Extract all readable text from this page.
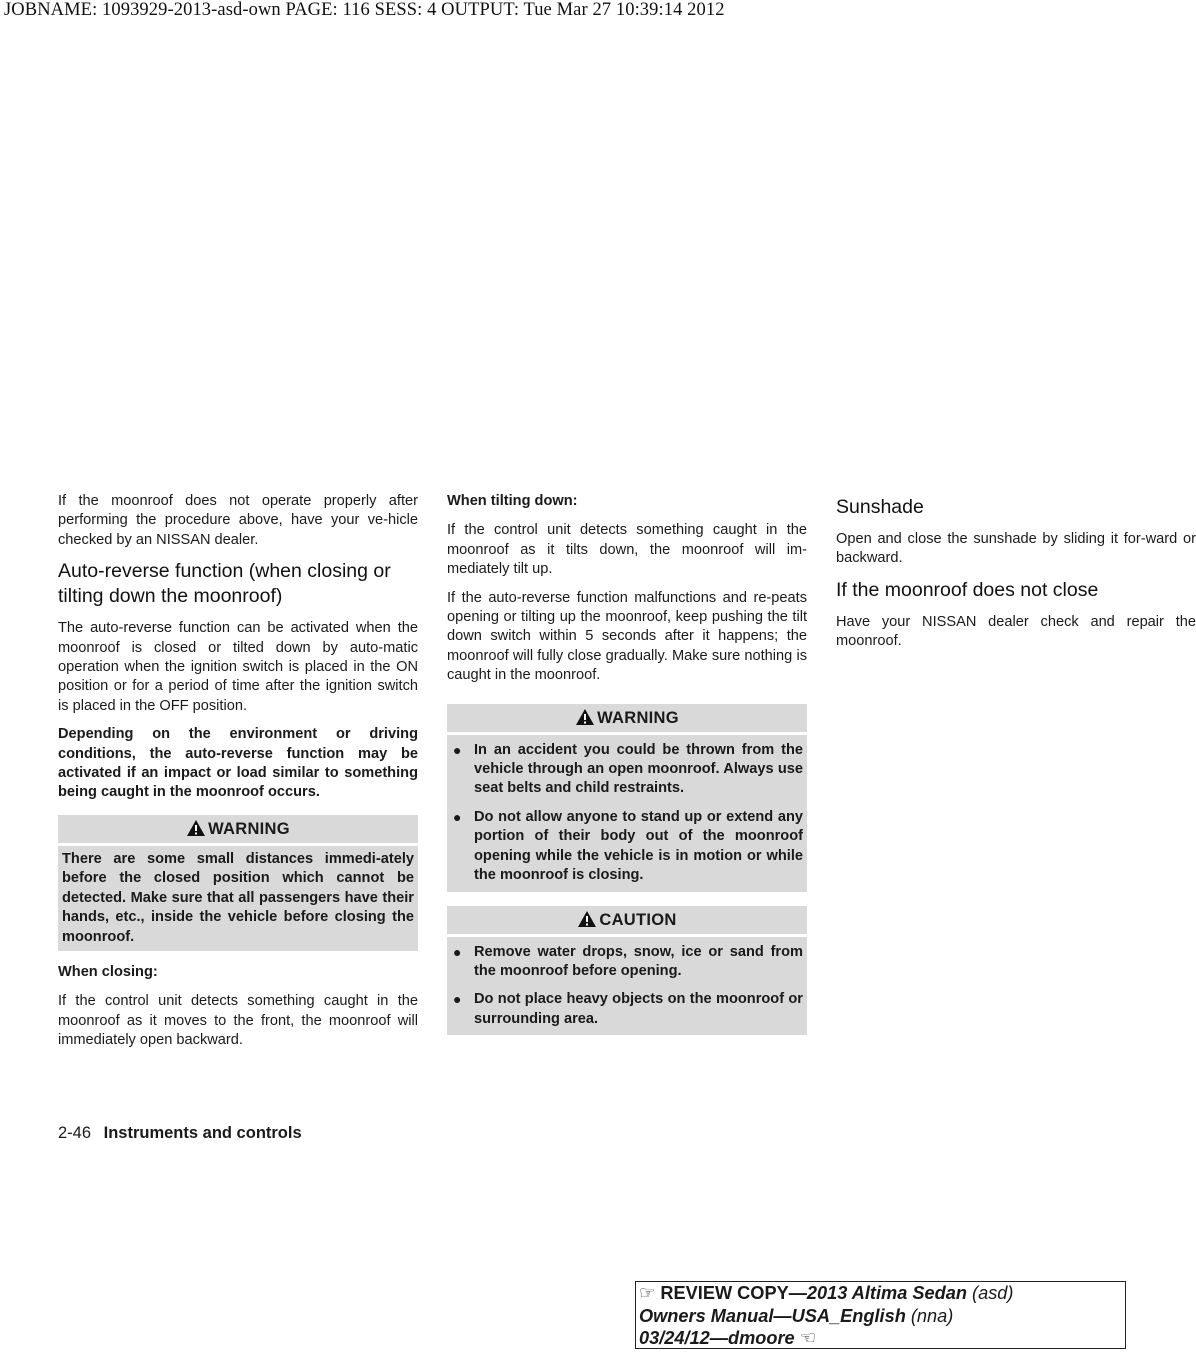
JOBNAME: 1093929-2013-asd-own PAGE: 116 SESS: 4 OUTPUT: Tue Mar 27 10:39:14 2012

If the moonroof does not operate properly after performing the procedure above, have your ve-hicle checked by an NISSAN dealer.

Auto-reverse function (when closing or tilting down the moonroof)

The auto-reverse function can be activated when the moonroof is closed or tilted down by auto-matic operation when the ignition switch is placed in the ON position or for a period of time after the ignition switch is placed in the OFF position.

Depending on the environment or driving conditions, the auto-reverse function may be activated if an impact or load similar to something being caught in the moonroof occurs.

WARNING
There are some small distances immedi-ately before the closed position which cannot be detected. Make sure that all passengers have their hands, etc., inside the vehicle before closing the moonroof.

When closing:

If the control unit detects something caught in the moonroof as it moves to the front, the moonroof will immediately open backward.

When tilting down:

If the control unit detects something caught in the moonroof as it tilts down, the moonroof will im-mediately tilt up.

If the auto-reverse function malfunctions and re-peats opening or tilting up the moonroof, keep pushing the tilt down switch within 5 seconds after it happens; the moonroof will fully close gradually. Make sure nothing is caught in the moonroof.

WARNING
● In an accident you could be thrown from the vehicle through an open moonroof. Always use seat belts and child restraints.
● Do not allow anyone to stand up or extend any portion of their body out of the moonroof opening while the vehicle is in motion or while the moonroof is closing.
CAUTION
● Remove water drops, snow, ice or sand from the moonroof before opening.
● Do not place heavy objects on the moonroof or surrounding area.
Sunshade

Open and close the sunshade by sliding it for-ward or backward.

If the moonroof does not close

Have your NISSAN dealer check and repair the moonroof.

2-46 Instruments and controls
☞ REVIEW COPY—2013 Altima Sedan (asd)
Owners Manual—USA_English (nna)
03/24/12—dmoore ☜
